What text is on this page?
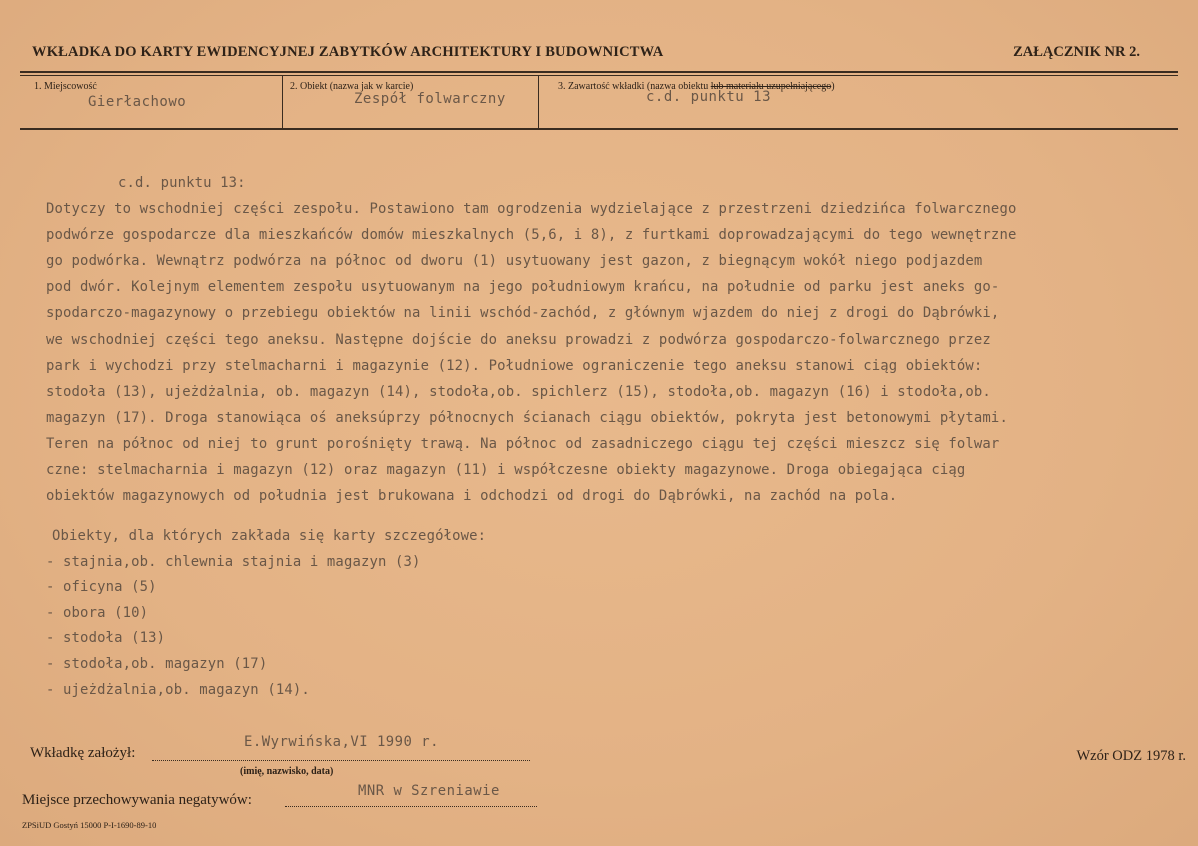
WKŁADKA DO KARTY EWIDENCYJNEJ ZABYTKÓW ARCHITEKTURY I BUDOWNICTWA	ZAŁĄCZNIK NR 2.
1. Miejscowość
Gierłachowo
2. Obiekt (nazwa jak w karcie)
Zespół folwarczny
3. Zawartość wkładki (nazwa obiektu lub materiału uzupełniającego)
c.d. punktu 13
c.d. punktu 13:
Dotyczy to wschodniej części zespołu. Postawiono tam ogrodzenia wydzielające z przestrzeni dziedzińca folwarcznego
podwórze gospodarcze dla mieszkańców domów mieszkalnych (5,6, i 8), z furtkami doprowadzającymi do tego wewnętrzne
go podwórka. Wewnątrz podwórza na północ od dworu (1) usytuowany jest gazon, z biegnącym wokół niego podjazdem
pod dwór. Kolejnym elementem zespołu usytuowanym na jego południowym krańcu, na południe od parku jest aneks go-
spodarczo-magazynowy o przebiegu obiektów na linii wschód-zachód, z głównym wjazdem do niej z drogi do Dąbrówki,
we wschodniej części tego aneksu. Następne dojście do aneksu prowadzi z podwórza gospodarczo-folwarcznego przez
park i wychodzi przy stelmacharni i magazynie (12). Południowe ograniczenie tego aneksu stanowi ciąg obiektów:
stodoła (13), ujeżdżalnia, ob. magazyn (14), stodoła,ob. spichlerz (15), stodoła,ob. magazyn (16) i stodoła,ob.
magazyn (17). Droga stanowiąca oś aneksúprzy północnych ścianach ciągu obiektów, pokryta jest betonowymi płytami.
Teren na północ od niej to grunt porośnięty trawą. Na północ od zasadniczego ciągu tej części mieszcz się folwar
czne: stelmacharnia i magazyn (12) oraz magazyn (11) i współczesne obiekty magazynowe. Droga obiegająca ciąg
obiektów magazynowych od południa jest brukowana i odchodzi od drogi do Dąbrówki, na zachód na pola.
Obiekty, dla których zakłada się karty szczegółowe:
- stajnia,ob. chlewnia stajnia i magazyn (3)
- oficyna (5)
- obora (10)
- stodoła (13)
- stodoła,ob. magazyn (17)
- ujeżdżalnia,ob. magazyn (14).
Wkładkę założył:
E.Wyrwińska,VI 1990 r.
(imię, nazwisko, data)
Wzór ODZ 1978 r.
Miejsce przechowywania negatywów:
MNR w Szreniawie
ZPSiUD Gostyń 15000 P-I-1690-89-10
